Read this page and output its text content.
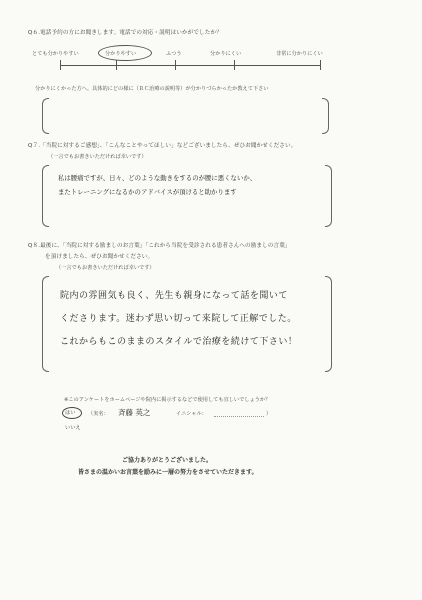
Q６.電話予約の方にお聞きします。電話での対応・説明はいかがでしたか？
とても分かりやすい	分かりやすい	ふつう	分かりにくい	非常に分かりにくい
分かりにくかった方へ。具体的にどの様に（ＲＣ治療の説明等）が分かりづらかったか教えて下さい
Q７.「当院に対するご感想」、「こんなことやってほしい」などございましたら、ぜひお聞かせください。
（一言でもお書きいただければ幸いです）
私は腰痛ですが、日々、どのような動きをするのが腰に悪くないか、
またトレーニングになるかのアドバイスが頂けると助かります
Q８.最後に、「当院に対する励ましのお言葉」「これから当院を受診される患者さんへの励ましの言葉」
を頂けましたら、ぜひお聞かせください。
（一言でもお書きいただければ幸いです）
院内の雰囲気も良く、先生も親身になって話を聞いて
くださります。迷わず思い切って来院して正解でした。
これからもこのままのスタイルで治療を続けて下さい！
※このアンケートをホームページや院内に掲示するなどで使用しても宜しいでしょうか？
はい （実名： 斉藤 英之	イニシャル：	）
いいえ
ご協力ありがとうございました。
皆さまの温かいお言葉を励みに一層の努力をさせていただきます。
